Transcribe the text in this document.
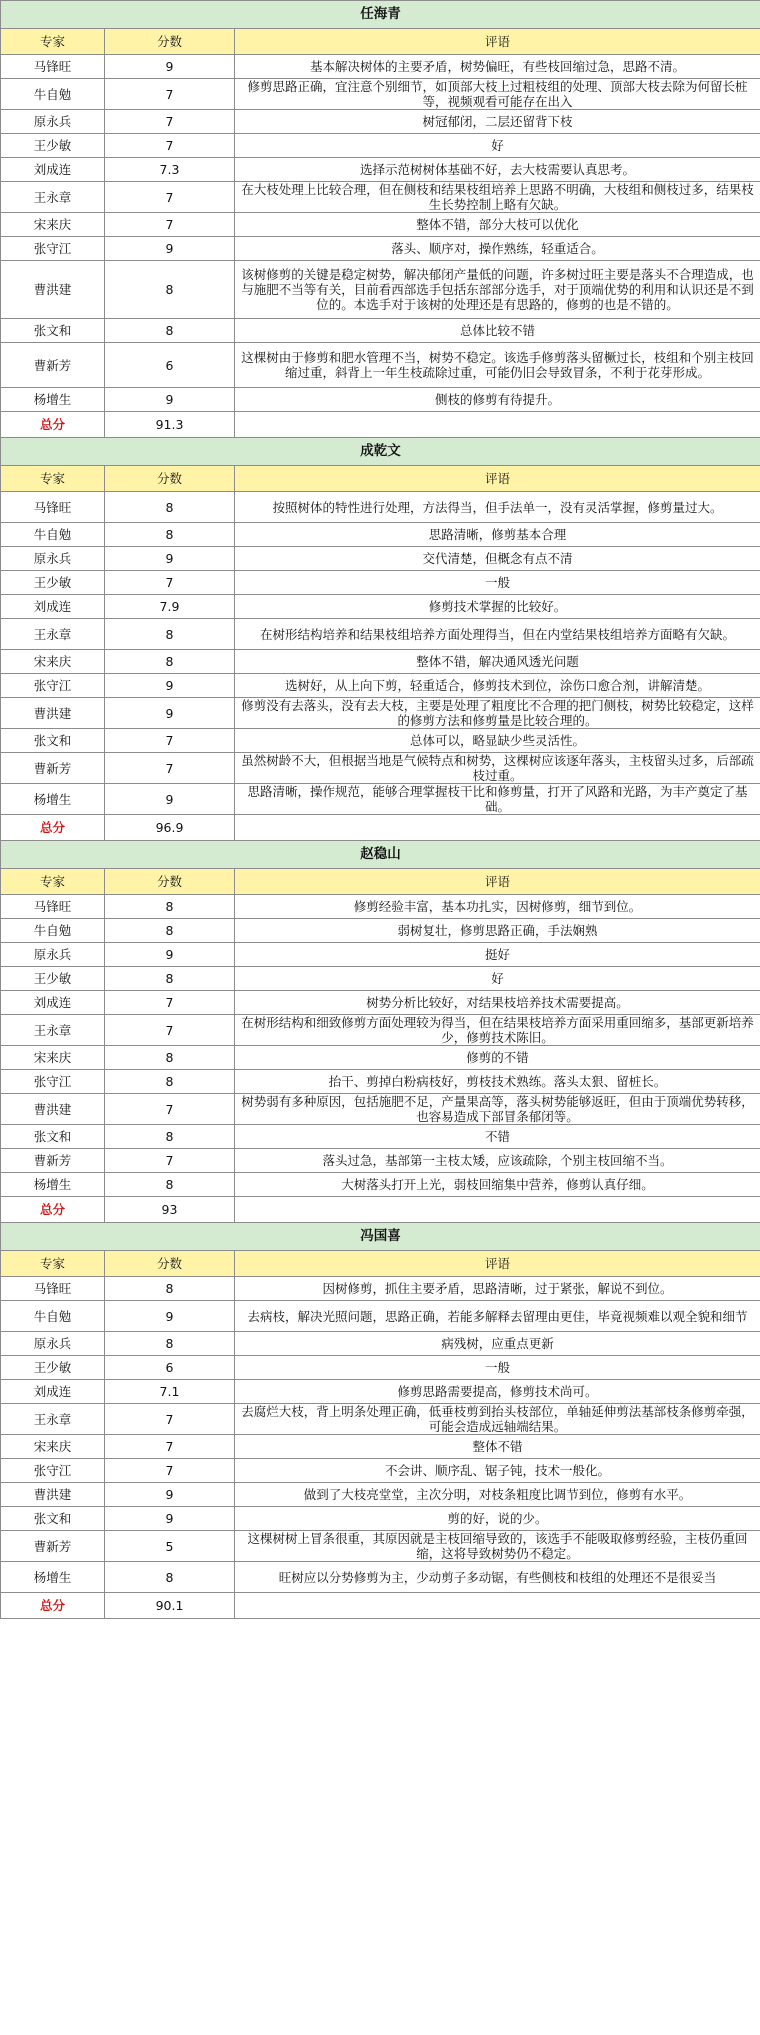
任海青		
专家	分数	评语
马锋旺	9	基本解决树体的主要矛盾，树势偏旺，有些枝回缩过急，思路不清。
牛自勉	7	修剪思路正确，宜注意个别细节，如顶部大枝上过粗枝组的处理、顶部大枝去除为何留长桩等，视频观看可能存在出入
原永兵	7	树冠郁闭，二层还留背下枝
王少敏	7	好
刘成连	7.3	选择示范树树体基础不好，去大枝需要认真思考。
王永章	7	在大枝处理上比较合理，但在侧枝和结果枝组培养上思路不明确，大枝组和侧枝过多，结果枝生长势控制上略有欠缺。
宋来庆	7	整体不错，部分大枝可以优化
张守江	9	落头、顺序对，操作熟练，轻重适合。
曹洪建	8	该树修剪的关键是稳定树势，解决郁闭产量低的问题，许多树过旺主要是落头不合理造成，也与施肥不当等有关，目前看西部选手包括东部部分选手，对于顶端优势的利用和认识还是不到位的。本选手对于该树的处理还是有思路的，修剪的也是不错的。
张文和	8	总体比较不错
曹新芳	6	这棵树由于修剪和肥水管理不当，树势不稳定。该选手修剪落头留橛过长，枝组和个别主枝回缩过重，斜背上一年生枝疏除过重，可能仍旧会导致冒条，不利于花芽形成。
杨增生	9	侧枝的修剪有待提升。
总分	91.3	
成乾文		
专家	分数	评语
马锋旺	8	按照树体的特性进行处理，方法得当，但手法单一，没有灵活掌握，修剪量过大。
牛自勉	8	思路清晰，修剪基本合理
原永兵	9	交代清楚，但概念有点不清
王少敏	7	一般
刘成连	7.9	修剪技术掌握的比较好。
王永章	8	在树形结构培养和结果枝组培养方面处理得当，但在内堂结果枝组培养方面略有欠缺。
宋来庆	8	整体不错，解决通风透光问题
张守江	9	选树好，从上向下剪，轻重适合，修剪技术到位，涂伤口愈合剂，讲解清楚。
曹洪建	9	修剪没有去落头，没有去大枝，主要是处理了粗度比不合理的把门侧枝，树势比较稳定，这样的修剪方法和修剪量是比较合理的。
张文和	7	总体可以，略显缺少些灵活性。
曹新芳	7	虽然树龄不大，但根据当地是气候特点和树势，这棵树应该逐年落头，主枝留头过多，后部疏枝过重。
杨增生	9	思路清晰，操作规范，能够合理掌握枝干比和修剪量，打开了风路和光路，为丰产奠定了基础。
总分	96.9	
赵稳山		
专家	分数	评语
马锋旺	8	修剪经验丰富，基本功扎实，因树修剪，细节到位。
牛自勉	8	弱树复壮，修剪思路正确，手法娴熟
原永兵	9	挺好
王少敏	8	好
刘成连	7	树势分析比较好，对结果枝培养技术需要提高。
王永章	7	在树形结构和细致修剪方面处理较为得当，但在结果枝培养方面采用重回缩多，基部更新培养少，修剪技术陈旧。
宋来庆	8	修剪的不错
张守江	8	抬干、剪掉白粉病枝好，剪枝技术熟练。落头太狠、留桩长。
曹洪建	7	树势弱有多种原因，包括施肥不足，产量果高等，落头树势能够返旺，但由于顶端优势转移，也容易造成下部冒条郁闭等。
张文和	8	不错
曹新芳	7	落头过急，基部第一主枝太矮，应该疏除，个别主枝回缩不当。
杨增生	8	大树落头打开上光，弱枝回缩集中营养，修剪认真仔细。
总分	93	
冯国喜		
专家	分数	评语
马锋旺	8	因树修剪，抓住主要矛盾，思路清晰，过于紧张，解说不到位。
牛自勉	9	去病枝，解决光照问题，思路正确，若能多解释去留理由更佳，毕竟视频难以观全貌和细节
原永兵	8	病残树，应重点更新
王少敏	6	一般
刘成连	7.1	修剪思路需要提高，修剪技术尚可。
王永章	7	去腐烂大枝，背上明条处理正确，低垂枝剪到抬头枝部位，单轴延伸剪法基部枝条修剪牵强，可能会造成远轴端结果。
宋来庆	7	整体不错
张守江	7	不会讲、顺序乱、锯子钝，技术一般化。
曹洪建	9	做到了大枝亮堂堂，主次分明，对枝条粗度比调节到位，修剪有水平。
张文和	9	剪的好，说的少。
曹新芳	5	这棵树树上冒条很重，其原因就是主枝回缩导致的，该选手不能吸取修剪经验，主枝仍重回缩，这将导致树势仍不稳定。
杨增生	8	旺树应以分势修剪为主，少动剪子多动锯，有些侧枝和枝组的处理还不是很妥当
总分	90.1	
